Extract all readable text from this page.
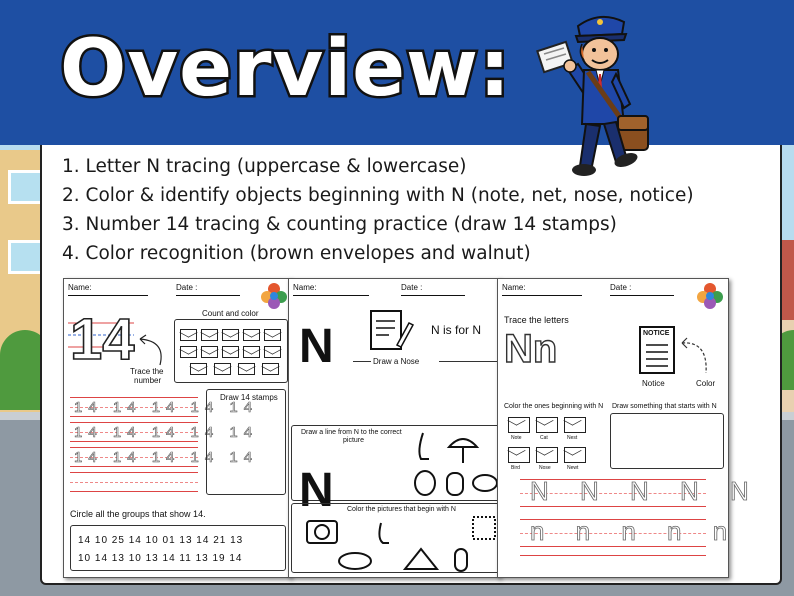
Overview:
1. Letter N tracing (uppercase & lowercase)
2. Color & identify objects beginning with N (note, net, nose, notice)
3. Number 14 tracing & counting practice (draw 14 stamps)
4. Color recognition (brown envelopes and walnut)
Name:	Date :
14
Trace the
number
Count and color
14 14 14 14 14
14 14 14 14 14
14 14 14 14 14
Draw 14 stamps
Circle all the groups that show 14.
14 10 25 14 10 01 13 14 21 13
10 14 13 10 13 14 11 13 19 14
Name:	Date :
N	N is for N
Draw a Nose
Draw a line from N to the correct
picture
N Color the pictures that begin with N
Name:	Date :
Trace the letters
Nn	NOTICE
Notice	Color
Color the ones beginning with N Draw something that starts with N
Note	Cat	Nest
Bird	Nose	Newt
N N N N N
n n n n n
